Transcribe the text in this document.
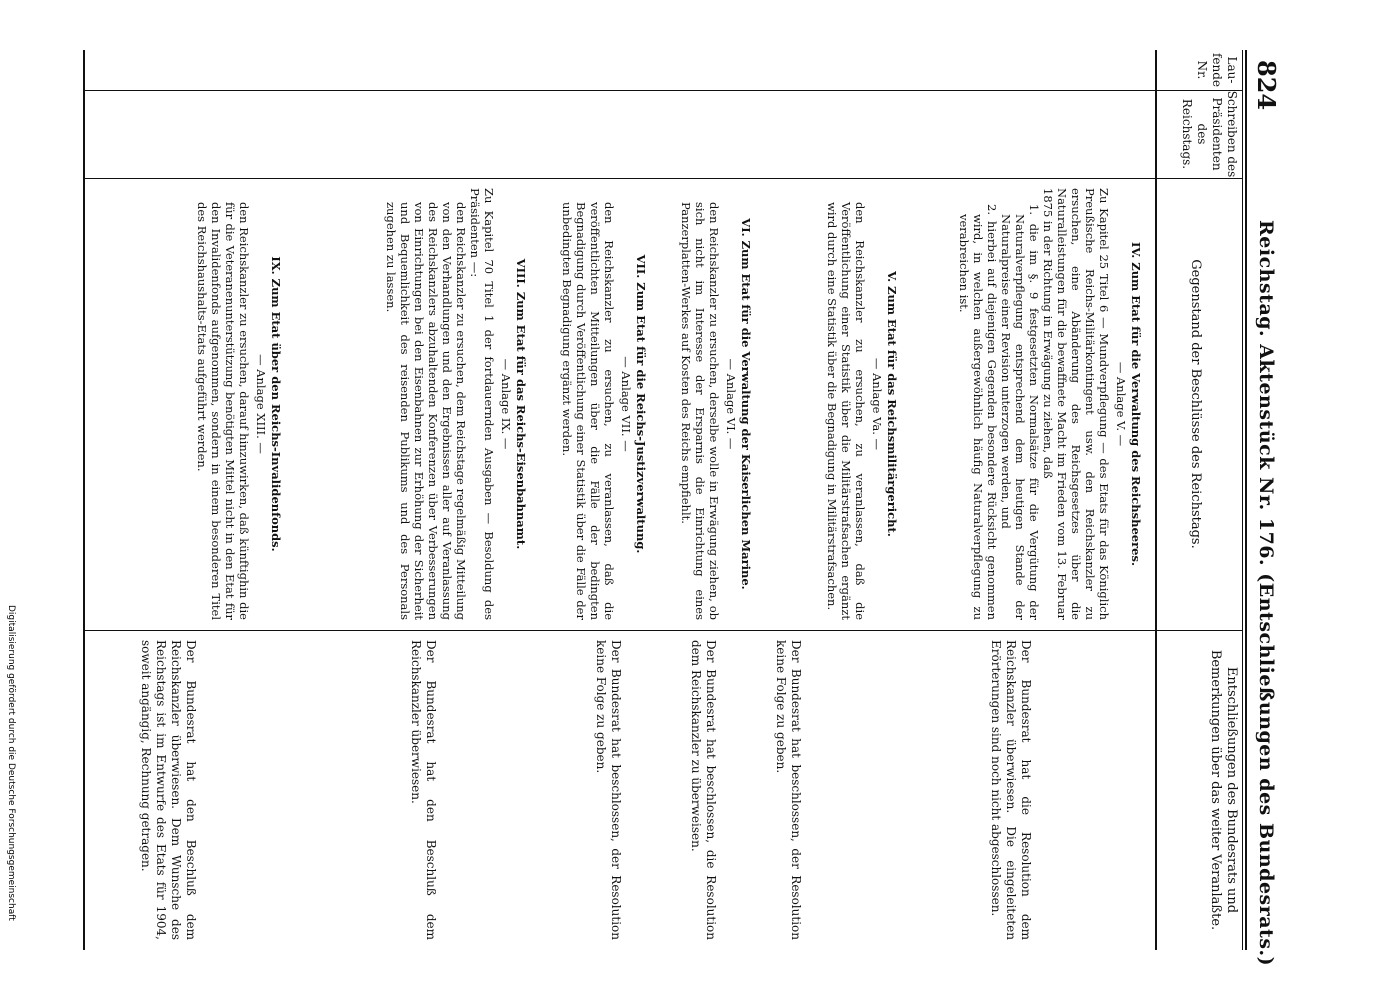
824
Reichstag. Aktenstück Nr. 176. (Entschließungen des Bundesrats.)
Lau-fende Nr.
Schreiben des Präsidenten des Reichstags.
Gegenstand der Beschlüsse des Reichstags.
Entschließungen des Bundesrats und Bemerkungen über das weiter Veranlaßte.

IV. Zum Etat für die Verwaltung des Reichsheeres.

— Anlage V. —

Zu Kapitel 25 Titel 6 — Mundverpflegung — des Etats für das Königlich Preußische Reichs-Militärkontingent usw. den Reichskanzler zu ersuchen, eine Abänderung des Reichsgesetzes über die Naturalleistungen für die bewaffnete Macht im Frieden vom 13. Februar 1875 in der Richtung in Erwägung zu ziehen, daß

1. die im §. 9 festgesetzten Normalsätze für die Vergütung der Naturalverpflegung entsprechend dem heutigen Stande der Naturalpreise einer Revision unterzogen werden, und

2. hierbei auf diejenigen Gegenden besondere Rücksicht genommen wird, in welchen außergewöhnlich häufig Naturalverpflegung zu verabreichen ist.

Der Bundesrat hat die Resolution dem Reichskanzler überwiesen. Die eingeleiteten Erörterungen sind noch nicht abgeschlossen.

V. Zum Etat für das Reichsmilitärgericht.

— Anlage Va. —

den Reichskanzler zu ersuchen, zu veranlassen, daß die Veröffentlichung einer Statistik über die Militärstrafsachen ergänzt wird durch eine Statistik über die Begnadigung in Militärstrafsachen.

Der Bundesrat hat beschlossen, der Resolution keine Folge zu geben.

VI. Zum Etat für die Verwaltung der Kaiserlichen Marine.

— Anlage VI. —

den Reichskanzler zu ersuchen, derselbe wolle in Erwägung ziehen, ob sich nicht im Interesse der Ersparnis die Einrichtung eines Panzerplatten-Werkes auf Kosten des Reichs empfiehlt.

Der Bundesrat hat beschlossen, die Resolution dem Reichskanzler zu überweisen.

VII. Zum Etat für die Reichs-Justizverwaltung.

— Anlage VII. —

den Reichskanzler zu ersuchen, zu veranlassen, daß die veröffentlichten Mitteilungen über die Fälle der bedingten Begnadigung durch Veröffentlichung einer Statistik über die Fälle der unbedingten Begnadigung ergänzt werden.

Der Bundesrat hat beschlossen, der Resolution keine Folge zu geben.

VIII. Zum Etat für das Reichs-Eisenbahnamt.

— Anlage IX. —

Zu Kapitel 70 Titel 1 der fortdauernden Ausgaben — Besoldung des Präsidenten —:

den Reichskanzler zu ersuchen, dem Reichstage regelmäßig Mitteilung von den Verhandlungen und den Ergebnissen aller auf Veranlassung des Reichskanzlers abzuhaltenden Konferenzen über Verbesserungen von Einrichtungen bei den Eisenbahnen zur Erhöhung der Sicherheit und Bequemlichkeit des reisenden Publikums und des Personals zugehen zu lassen.

Der Bundesrat hat den Beschluß dem Reichskanzler überwiesen.

IX. Zum Etat über den Reichs-Invalidenfonds.

— Anlage XIII. —

den Reichskanzler zu ersuchen, darauf hinzuwirken, daß künftighin die für die Veteranenunterstützung benötigten Mittel nicht in den Etat für den Invalidenfonds aufgenommen, sondern in einem besonderen Titel des Reichshaushalts-Etats aufgeführt werden.

Der Bundesrat hat den Beschluß dem Reichskanzler überwiesen. Dem Wunsche des Reichstags ist im Entwurfe des Etats für 1904, soweit angängig, Rechnung getragen.
Digitalisierung gefördert durch die Deutsche Forschungsgemeinschaft
